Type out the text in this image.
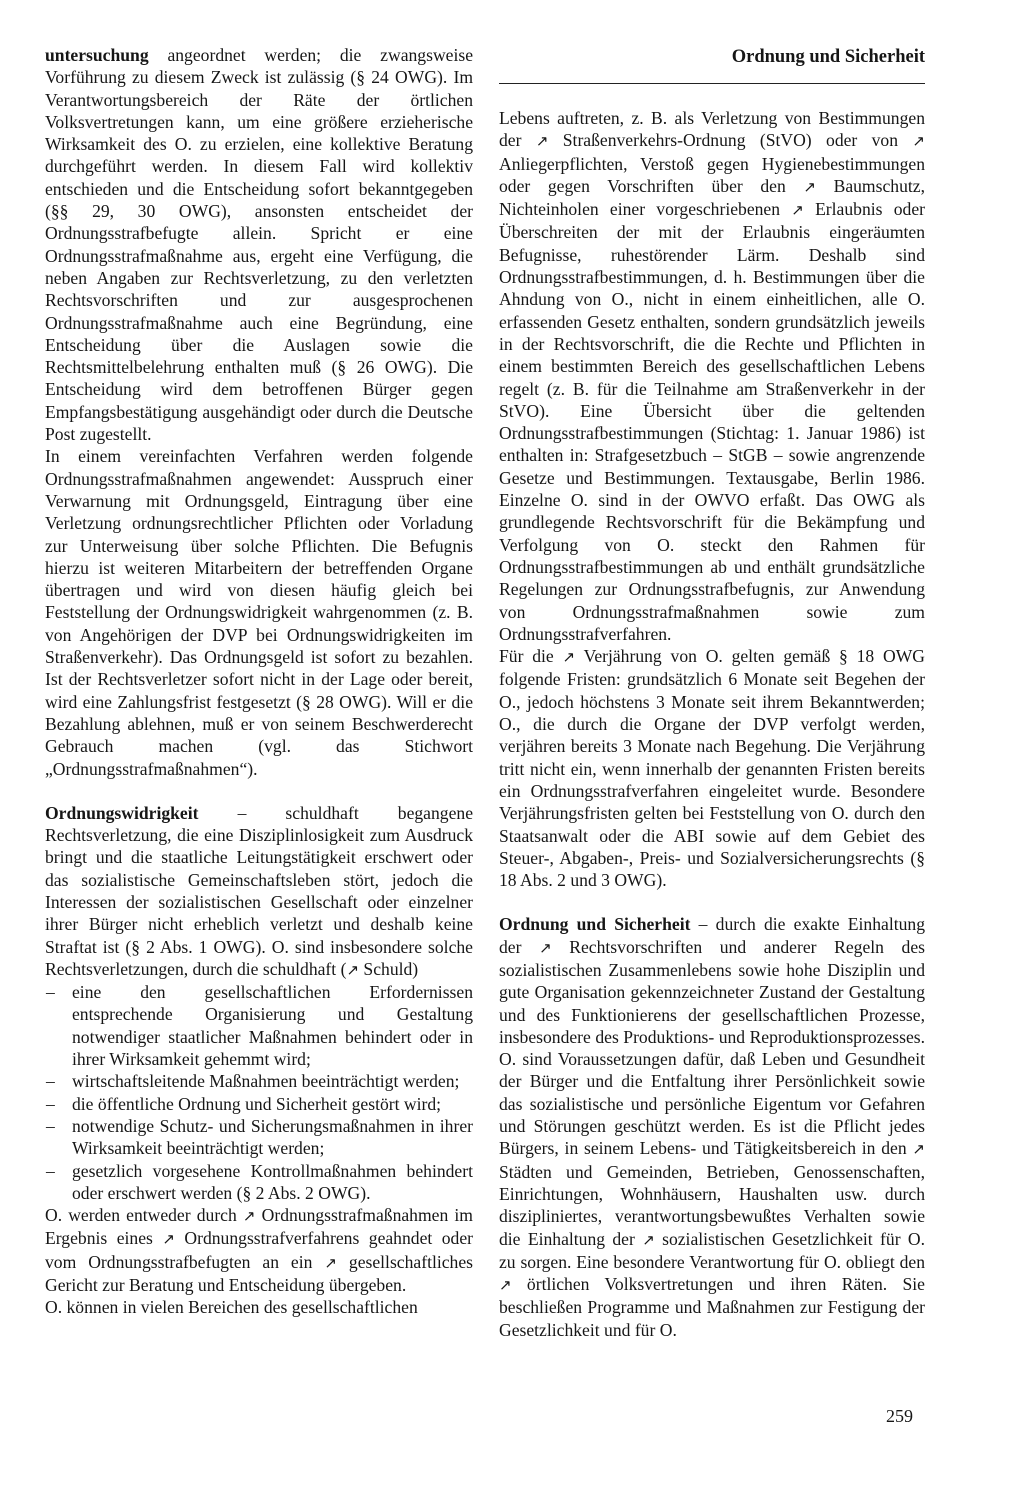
Ordnung und Sicherheit

untersuchung angeordnet werden; die zwangsweise Vorführung zu diesem Zweck ist zulässig (§ 24 OWG). Im Verantwortungsbereich der Räte der örtlichen Volksvertretungen kann, um eine größere erzieherische Wirksamkeit des O. zu erzielen, eine kollektive Beratung durchgeführt werden. In diesem Fall wird kollektiv entschieden und die Entscheidung sofort bekanntgegeben (§§ 29, 30 OWG), ansonsten entscheidet der Ordnungsstrafbefugte allein. Spricht er eine Ordnungsstrafmaßnahme aus, ergeht eine Verfügung, die neben Angaben zur Rechtsverletzung, zu den verletzten Rechtsvorschriften und zur ausgesprochenen Ordnungsstrafmaßnahme auch eine Begründung, eine Entscheidung über die Auslagen sowie die Rechtsmittelbelehrung enthalten muß (§ 26 OWG). Die Entscheidung wird dem betroffenen Bürger gegen Empfangsbestätigung ausgehändigt oder durch die Deutsche Post zugestellt.

In einem vereinfachten Verfahren werden folgende Ordnungsstrafmaßnahmen angewendet: Ausspruch einer Verwarnung mit Ordnungsgeld, Eintragung über eine Verletzung ordnungsrechtlicher Pflichten oder Vorladung zur Unterweisung über solche Pflichten. Die Befugnis hierzu ist weiteren Mitarbeitern der betreffenden Organe übertragen und wird von diesen häufig gleich bei Feststellung der Ordnungswidrigkeit wahrgenommen (z. B. von Angehörigen der DVP bei Ordnungswidrigkeiten im Straßenverkehr). Das Ordnungsgeld ist sofort zu bezahlen. Ist der Rechtsverletzer sofort nicht in der Lage oder bereit, wird eine Zahlungsfrist festgesetzt (§ 28 OWG). Will er die Bezahlung ablehnen, muß er von seinem Beschwerderecht Gebrauch machen (vgl. das Stichwort „Ordnungsstrafmaßnahmen“).

Ordnungswidrigkeit – schuldhaft begangene Rechtsverletzung, die eine Disziplinlosigkeit zum Ausdruck bringt und die staatliche Leitungstätigkeit erschwert oder das sozialistische Gemeinschaftsleben stört, jedoch die Interessen der sozialistischen Gesellschaft oder einzelner ihrer Bürger nicht erheblich verletzt und deshalb keine Straftat ist (§ 2 Abs. 1 OWG). O. sind insbesondere solche Rechtsverletzungen, durch die schuldhaft (↗ Schuld)

– eine den gesellschaftlichen Erfordernissen entsprechende Organisierung und Gestaltung notwendiger staatlicher Maßnahmen behindert oder in ihrer Wirksamkeit gehemmt wird;
– wirtschaftsleitende Maßnahmen beeinträchtigt werden;
– die öffentliche Ordnung und Sicherheit gestört wird;
– notwendige Schutz- und Sicherungsmaßnahmen in ihrer Wirksamkeit beeinträchtigt werden;
– gesetzlich vorgesehene Kontrollmaßnahmen behindert oder erschwert werden (§ 2 Abs. 2 OWG).

O. werden entweder durch ↗ Ordnungsstrafmaßnahmen im Ergebnis eines ↗ Ordnungsstrafverfahrens geahndet oder vom Ordnungsstrafbefugten an ein ↗ gesellschaftliches Gericht zur Beratung und Entscheidung übergeben.

O. können in vielen Bereichen des gesellschaftlichen

Lebens auftreten, z. B. als Verletzung von Bestimmungen der ↗ Straßenverkehrs-Ordnung (StVO) oder von ↗ Anliegerpflichten, Verstoß gegen Hygienebestimmungen oder gegen Vorschriften über den ↗ Baumschutz, Nichteinholen einer vorgeschriebenen ↗ Erlaubnis oder Überschreiten der mit der Erlaubnis eingeräumten Befugnisse, ruhestörender Lärm. Deshalb sind Ordnungsstrafbestimmungen, d. h. Bestimmungen über die Ahndung von O., nicht in einem einheitlichen, alle O. erfassenden Gesetz enthalten, sondern grundsätzlich jeweils in der Rechtsvorschrift, die die Rechte und Pflichten in einem bestimmten Bereich des gesellschaftlichen Lebens regelt (z. B. für die Teilnahme am Straßenverkehr in der StVO). Eine Übersicht über die geltenden Ordnungsstrafbestimmungen (Stichtag: 1. Januar 1986) ist enthalten in: Strafgesetzbuch – StGB – sowie angrenzende Gesetze und Bestimmungen. Textausgabe, Berlin 1986. Einzelne O. sind in der OWVO erfaßt. Das OWG als grundlegende Rechtsvorschrift für die Bekämpfung und Verfolgung von O. steckt den Rahmen für Ordnungsstrafbestimmungen ab und enthält grundsätzliche Regelungen zur Ordnungsstrafbefugnis, zur Anwendung von Ordnungsstrafmaßnahmen sowie zum Ordnungsstrafverfahren.

Für die ↗ Verjährung von O. gelten gemäß § 18 OWG folgende Fristen: grundsätzlich 6 Monate seit Begehen der O., jedoch höchstens 3 Monate seit ihrem Bekanntwerden; O., die durch die Organe der DVP verfolgt werden, verjähren bereits 3 Monate nach Begehung. Die Verjährung tritt nicht ein, wenn innerhalb der genannten Fristen bereits ein Ordnungsstrafverfahren eingeleitet wurde. Besondere Verjährungsfristen gelten bei Feststellung von O. durch den Staatsanwalt oder die ABI sowie auf dem Gebiet des Steuer-, Abgaben-, Preis- und Sozialversicherungsrechts (§ 18 Abs. 2 und 3 OWG).

Ordnung und Sicherheit – durch die exakte Einhaltung der ↗ Rechtsvorschriften und anderer Regeln des sozialistischen Zusammenlebens sowie hohe Disziplin und gute Organisation gekennzeichneter Zustand der Gestaltung und des Funktionierens der gesellschaftlichen Prozesse, insbesondere des Produktions- und Reproduktionsprozesses. O. sind Voraussetzungen dafür, daß Leben und Gesundheit der Bürger und die Entfaltung ihrer Persönlichkeit sowie das sozialistische und persönliche Eigentum vor Gefahren und Störungen geschützt werden. Es ist die Pflicht jedes Bürgers, in seinem Lebens- und Tätigkeitsbereich in den ↗ Städten und Gemeinden, Betrieben, Genossenschaften, Einrichtungen, Wohnhäusern, Haushalten usw. durch diszipliniertes, verantwortungsbewußtes Verhalten sowie die Einhaltung der ↗ sozialistischen Gesetzlichkeit für O. zu sorgen. Eine besondere Verantwortung für O. obliegt den ↗ örtlichen Volksvertretungen und ihren Räten. Sie beschließen Programme und Maßnahmen zur Festigung der Gesetzlichkeit und für O.

259
